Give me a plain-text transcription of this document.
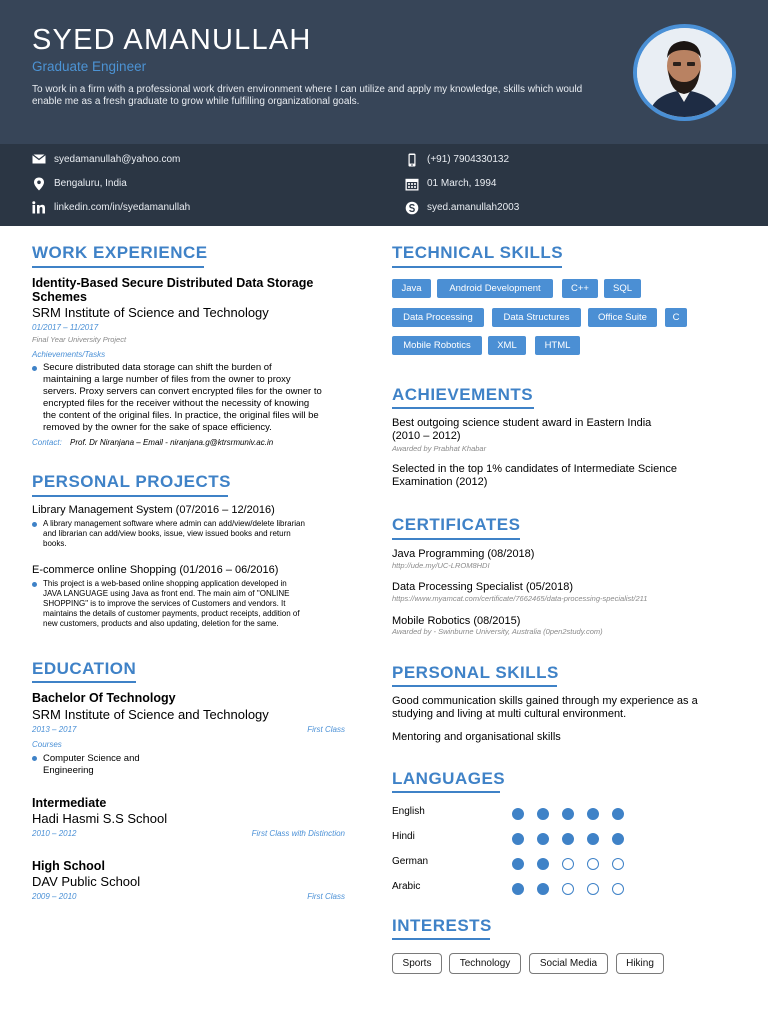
SYED AMANULLAH
Graduate Engineer
To work in a firm with a professional work driven environment where I can utilize and apply my knowledge, skills which would enable me as a fresh graduate to grow while fulfilling organizational goals.
syedamanullah@yahoo.com
Bengaluru, India
linkedin.com/in/syedamanullah
(+91) 7904330132
01 March, 1994
syed.amanullah2003
WORK EXPERIENCE
Identity-Based Secure Distributed Data Storage
Schemes
SRM Institute of Science and Technology
01/2017 – 11/2017
Final Year University Project
Achievements/Tasks
Secure distributed data storage can shift the burden of
maintaining a large number of files from the owner to proxy
servers. Proxy servers can convert encrypted files for the owner to
encrypted files for the receiver without the necessity of knowing
the content of the original files. In practice, the original files will be
removed by the owner for the sake of space efficiency.
Contact: Prof. Dr Niranjana – Email - niranjana.g@ktrsrmuniv.ac.in
PERSONAL PROJECTS
Library Management System (07/2016 – 12/2016)
A library management software where admin can add/view/delete librarian
and librarian can add/view books, issue, view issued books and return
books.
E-commerce online Shopping (01/2016 – 06/2016)
This project is a web-based online shopping application developed in
JAVA LANGUAGE using Java as front end. The main aim of "ONLINE
SHOPPING" is to improve the services of Customers and vendors. It
maintains the details of customer payments, product receipts, addition of
new customers, products and also updating, deletion for the same.
EDUCATION
Bachelor Of Technology
SRM Institute of Science and Technology
2013 – 2017	First Class
Courses
Computer Science and
Engineering
Intermediate
Hadi Hasmi S.S School
2010 – 2012	First Class with Distinction
High School
DAV Public School
2009 – 2010	First Class
TECHNICAL SKILLS
Java	Android Development	C++	SQL
Data Processing	Data Structures	Office Suite	C
Mobile Robotics	XML	HTML
ACHIEVEMENTS
Best outgoing science student award in Eastern India
(2010 – 2012)
Awarded by Prabhat Khabar
Selected in the top 1% candidates of Intermediate Science
Examination (2012)
CERTIFICATES
Java Programming (08/2018)
http://ude.my/UC-LROM8HDI
Data Processing Specialist (05/2018)
https://www.myamcat.com/certificate/7662465/data-processing-specialist/211
Mobile Robotics (08/2015)
Awarded by - Swinburne University, Australia (0pen2study.com)
PERSONAL SKILLS
Good communication skills gained through my experience as a
studying and living at multi cultural environment.
Mentoring and organisational skills
LANGUAGES
English
Hindi
German
Arabic
INTERESTS
Sports	Technology	Social Media	Hiking
